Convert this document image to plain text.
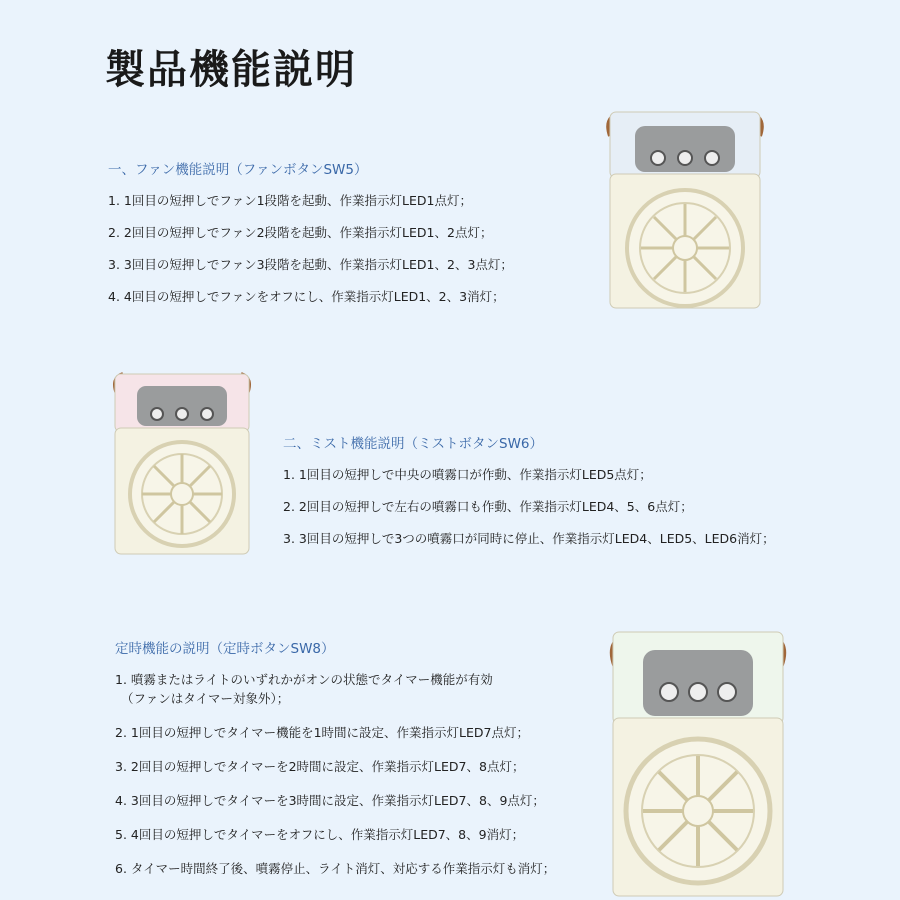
製品機能説明
一、ファン機能説明（ファンボタンSW5）
1. 1回目の短押しでファン1段階を起動、作業指示灯LED1点灯；
2. 2回目の短押しでファン2段階を起動、作業指示灯LED1、2点灯；
3. 3回目の短押しでファン3段階を起動、作業指示灯LED1、2、3点灯；
4. 4回目の短押しでファンをオフにし、作業指示灯LED1、2、3消灯；
二、ミスト機能説明（ミストボタンSW6）
1. 1回目の短押しで中央の噴霧口が作動、作業指示灯LED5点灯；
2. 2回目の短押しで左右の噴霧口も作動、作業指示灯LED4、5、6点灯；
3. 3回目の短押しで3つの噴霧口が同時に停止、作業指示灯LED4、LED5、LED6消灯；
定時機能の説明（定時ボタンSW8）
1. 噴霧またはライトのいずれかがオンの状態でタイマー機能が有効
（ファンはタイマー対象外）；
2. 1回目の短押しでタイマー機能を1時間に設定、作業指示灯LED7点灯；
3. 2回目の短押しでタイマーを2時間に設定、作業指示灯LED7、8点灯；
4. 3回目の短押しでタイマーを3時間に設定、作業指示灯LED7、8、9点灯；
5. 4回目の短押しでタイマーをオフにし、作業指示灯LED7、8、9消灯；
6. タイマー時間終了後、噴霧停止、ライト消灯、対応する作業指示灯も消灯；
